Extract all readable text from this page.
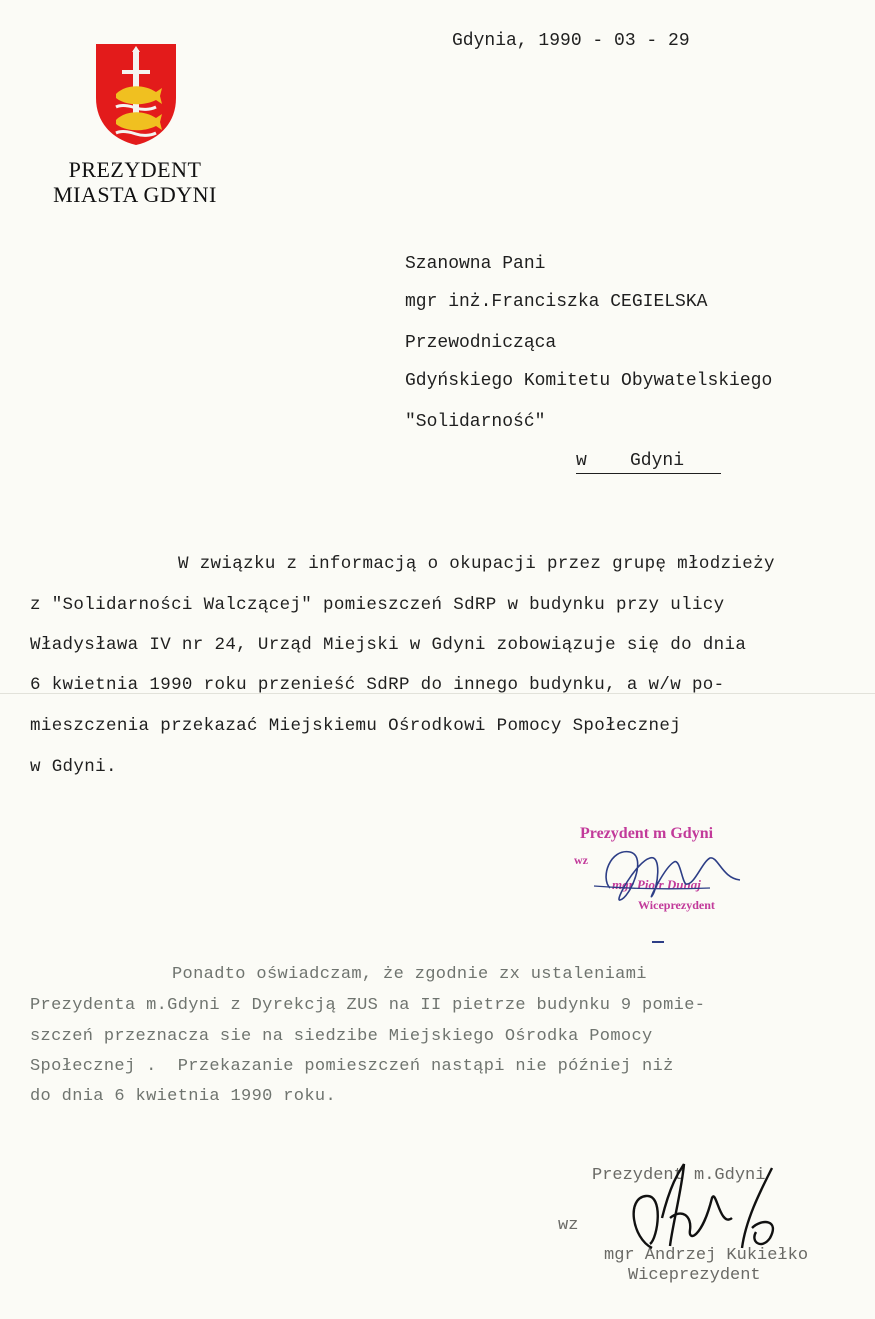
PREZYDENT
MIASTA GDYNI
Gdynia, 1990 - 03 - 29
Szanowna Pani
mgr inż.Franciszka CEGIELSKA
Przewodnicząca
Gdyńskiego Komitetu Obywatelskiego
"Solidarność"
w    Gdyni
W związku z informacją o okupacji przez grupę młodzieży
z "Solidarności Walczącej" pomieszczeń SdRP w budynku przy ulicy
Władysława IV nr 24, Urząd Miejski w Gdyni zobowiązuje się do dnia
6 kwietnia 1990 roku przenieść SdRP do innego budynku, a w/w po-
mieszczenia przekazać Miejskiemu Ośrodkowi Pomocy Społecznej
w Gdyni.
Prezydent m Gdyni
wz
mgr Piotr Dunaj
Wiceprezydent
Ponadto oświadczam, że zgodnie zx ustaleniami
Prezydenta m.Gdyni z Dyrekcją ZUS na II pietrze budynku 9 pomie-
szczeń przeznacza sie na siedzibe Miejskiego Ośrodka Pomocy
Społecznej .  Przekazanie pomieszczeń nastąpi nie później niż
do dnia 6 kwietnia 1990 roku.
Prezydent m.Gdyni
wz
mgr Andrzej Kukiełko
Wiceprezydent
